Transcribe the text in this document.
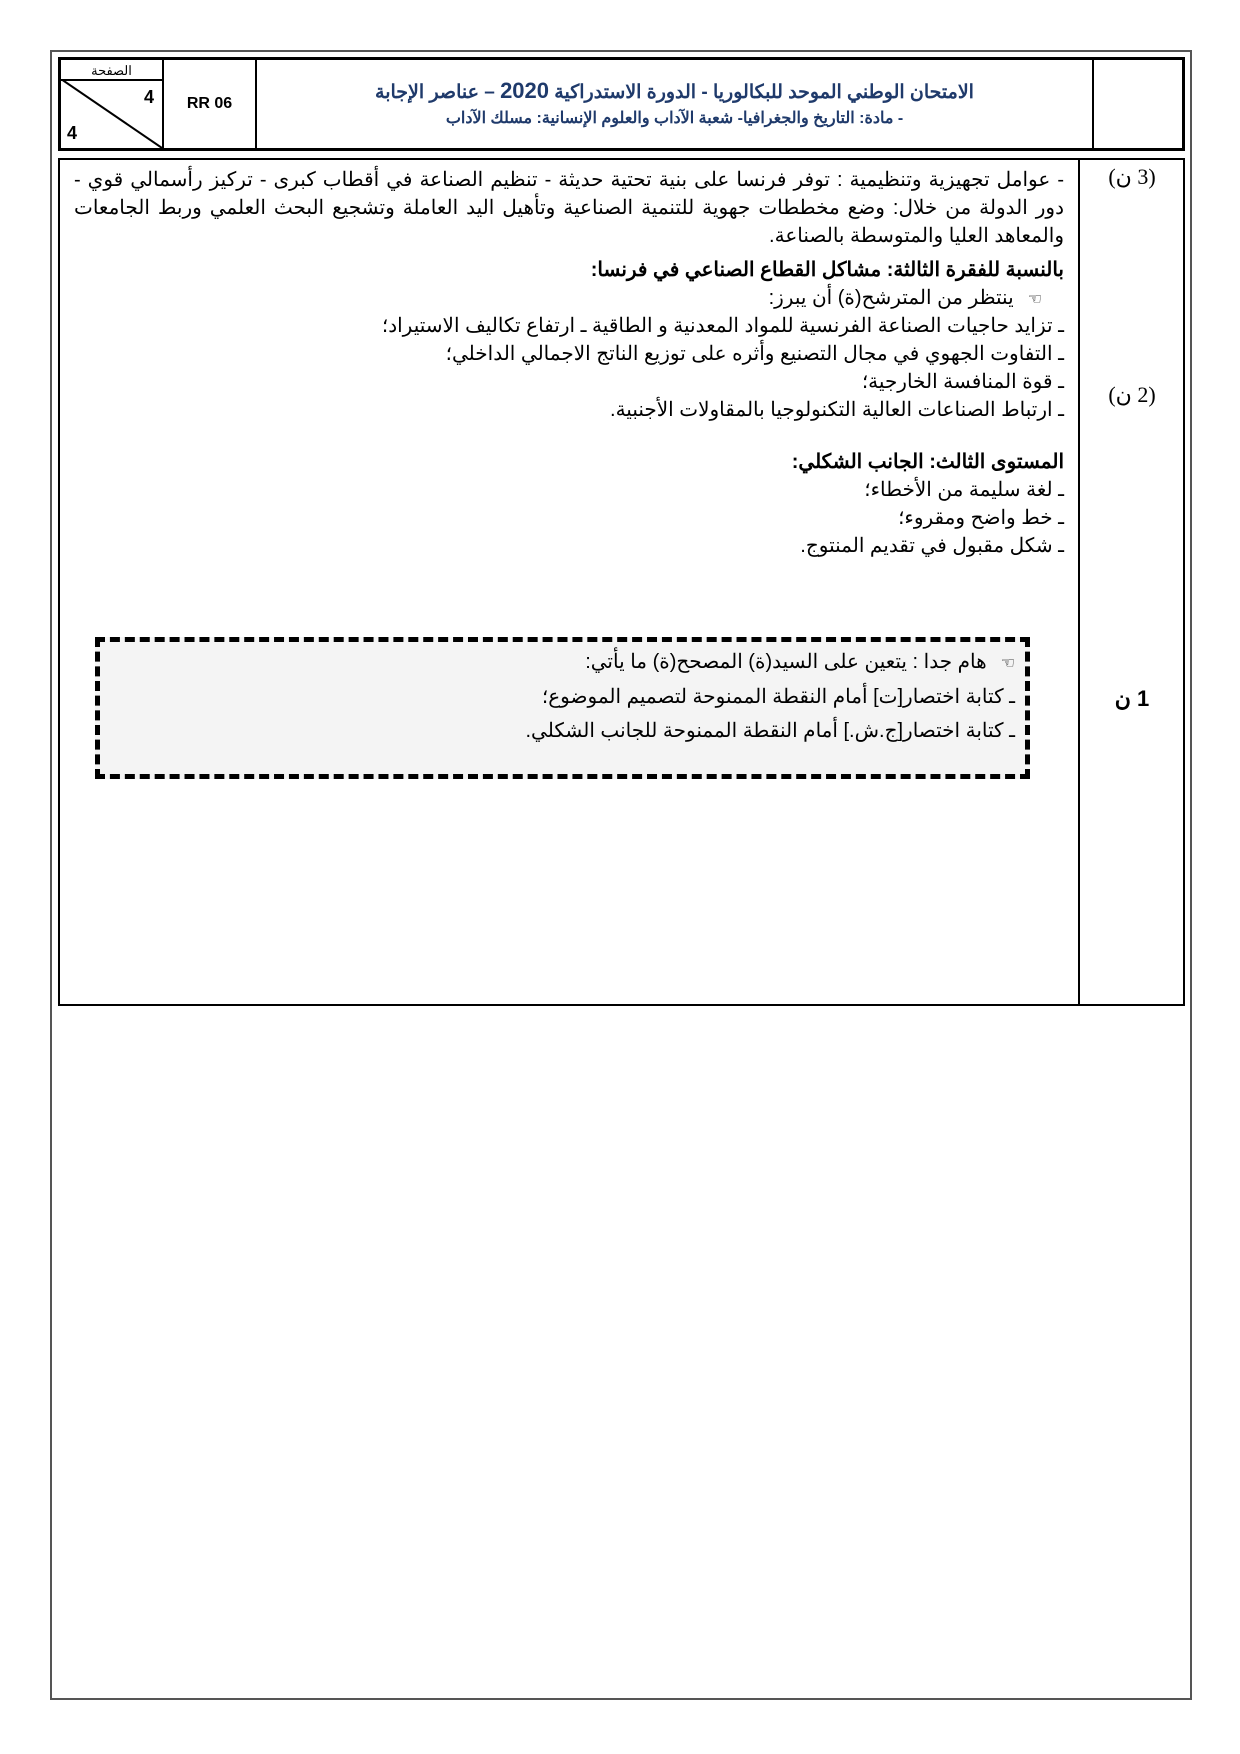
الصفحة
4
4
RR 06
الامتحان الوطني الموحد للبكالوريا - الدورة الاستدراكية 2020 – عناصر الإجابة
- مادة: التاريخ والجغرافيا- شعبة الآداب والعلوم الإنسانية: مسلك الآداب
- عوامل تجهيزية وتنظيمية : توفر فرنسا على بنية تحتية حديثة - تنظيم الصناعة في أقطاب كبرى - تركيز رأسمالي قوي - دور الدولة من خلال: وضع مخططات جهوية للتنمية الصناعية وتأهيل اليد العاملة وتشجيع البحث العلمي وربط الجامعات والمعاهد العليا والمتوسطة بالصناعة.
بالنسبة للفقرة الثالثة: مشاكل القطاع الصناعي في فرنسا:
☜ينتظر من المترشح(ة) أن يبرز:
ـ تزايد حاجيات الصناعة الفرنسية للمواد المعدنية و الطاقية ـ ارتفاع تكاليف الاستيراد؛
ـ التفاوت الجهوي في مجال التصنيع وأثره على توزيع الناتج الاجمالي الداخلي؛
ـ قوة المنافسة الخارجية؛
ـ ارتباط الصناعات العالية التكنولوجيا بالمقاولات الأجنبية.
المستوى الثالث: الجانب الشكلي:
ـ لغة سليمة من الأخطاء؛
ـ خط واضح ومقروء؛
ـ شكل مقبول في تقديم المنتوج.
(3 ن)
(2 ن)
1 ن
☜هام جدا : يتعين على السيد(ة) المصحح(ة) ما يأتي:
ـ كتابة اختصار[ت] أمام النقطة الممنوحة لتصميم الموضوع؛
ـ كتابة اختصار[ج.ش.] أمام النقطة الممنوحة للجانب الشكلي.
